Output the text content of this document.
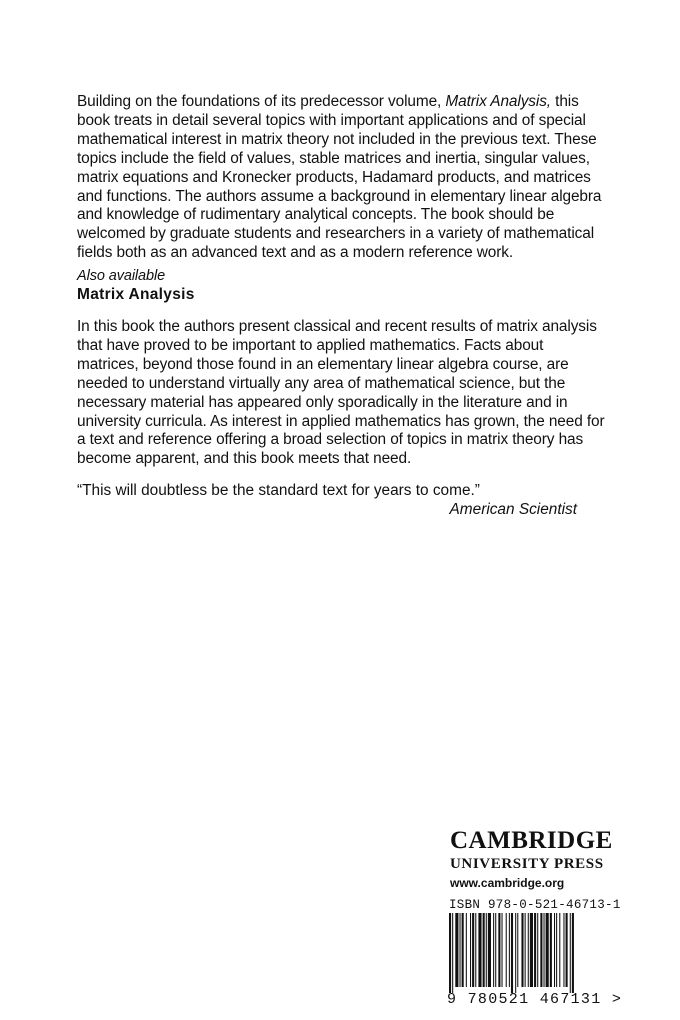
Building on the foundations of its predecessor volume, Matrix Analysis, this book treats in detail several topics with important applications and of special mathematical interest in matrix theory not included in the previous text. These topics include the field of values, stable matrices and inertia, singular values, matrix equations and Kronecker products, Hadamard products, and matrices and functions. The authors assume a background in elementary linear algebra and knowledge of rudimentary analytical concepts. The book should be welcomed by graduate students and researchers in a variety of mathematical fields both as an advanced text and as a modern reference work.

Also available
Matrix Analysis

In this book the authors present classical and recent results of matrix analysis that have proved to be important to applied mathematics. Facts about matrices, beyond those found in an elementary linear algebra course, are needed to understand virtually any area of mathematical science, but the necessary material has appeared only sporadically in the literature and in university curricula. As interest in applied mathematics has grown, the need for a text and reference offering a broad selection of topics in matrix theory has become apparent, and this book meets that need.

“This will doubtless be the standard text for years to come.”
American Scientist
CAMBRIDGE
UNIVERSITY PRESS
www.cambridge.org
ISBN 978-0-521-46713-1
9 780521 467131 >
